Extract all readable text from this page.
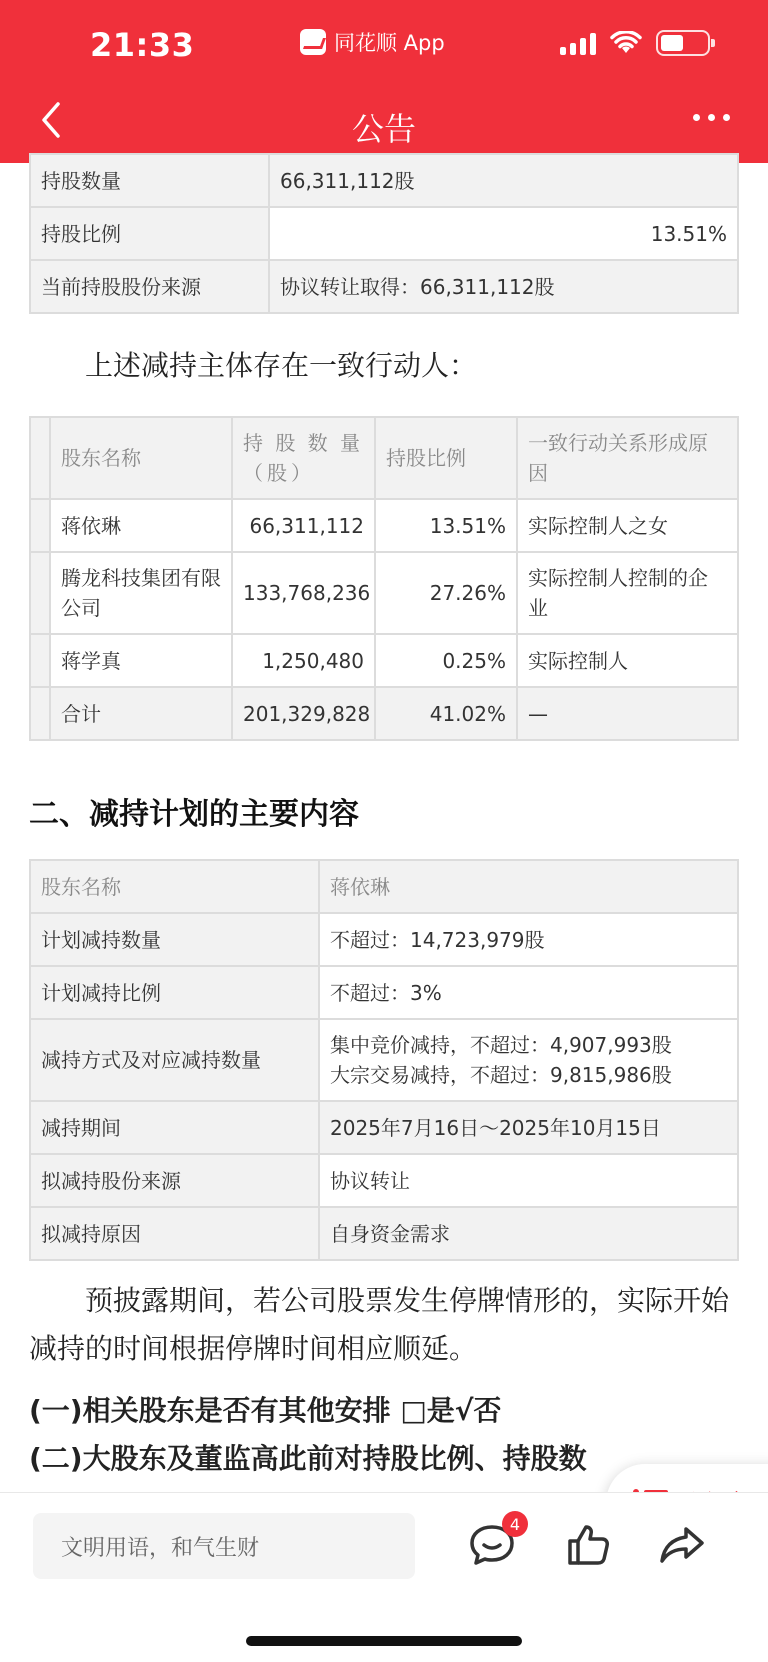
21:33	同花顺 App
公告
持股数量	66,311,112股
持股比例	13.51%
当前持股股份来源	协议转让取得：66,311,112股
上述减持主体存在一致行动人：
	股东名称	持股数量（股）	持股比例	一致行动关系形成原因
	蒋依琳	66,311,112	13.51%	实际控制人之女
	腾龙科技集团有限公司	133,768,236	27.26%	实际控制人控制的企业
	蒋学真	1,250,480	0.25%	实际控制人
	合计	201,329,828	41.02%	—
二、减持计划的主要内容
股东名称	蒋依琳
计划减持数量	不超过：14,723,979股
计划减持比例	不超过：3%
减持方式及对应减持数量	集中竞价减持，不超过：4,907,993股
大宗交易减持，不超过：9,815,986股

减持期间	2025年7月16日～2025年10月15日
拟减持股份来源	协议转让
拟减持原因	自身资金需求
预披露期间，若公司股票发生停牌情形的，实际开始减持的时间根据停牌时间相应顺延。
(一)相关股东是否有其他安排 □是√否
(二)大股东及董监高此前对持股比例、持股数
文明用语，和气生财
4
